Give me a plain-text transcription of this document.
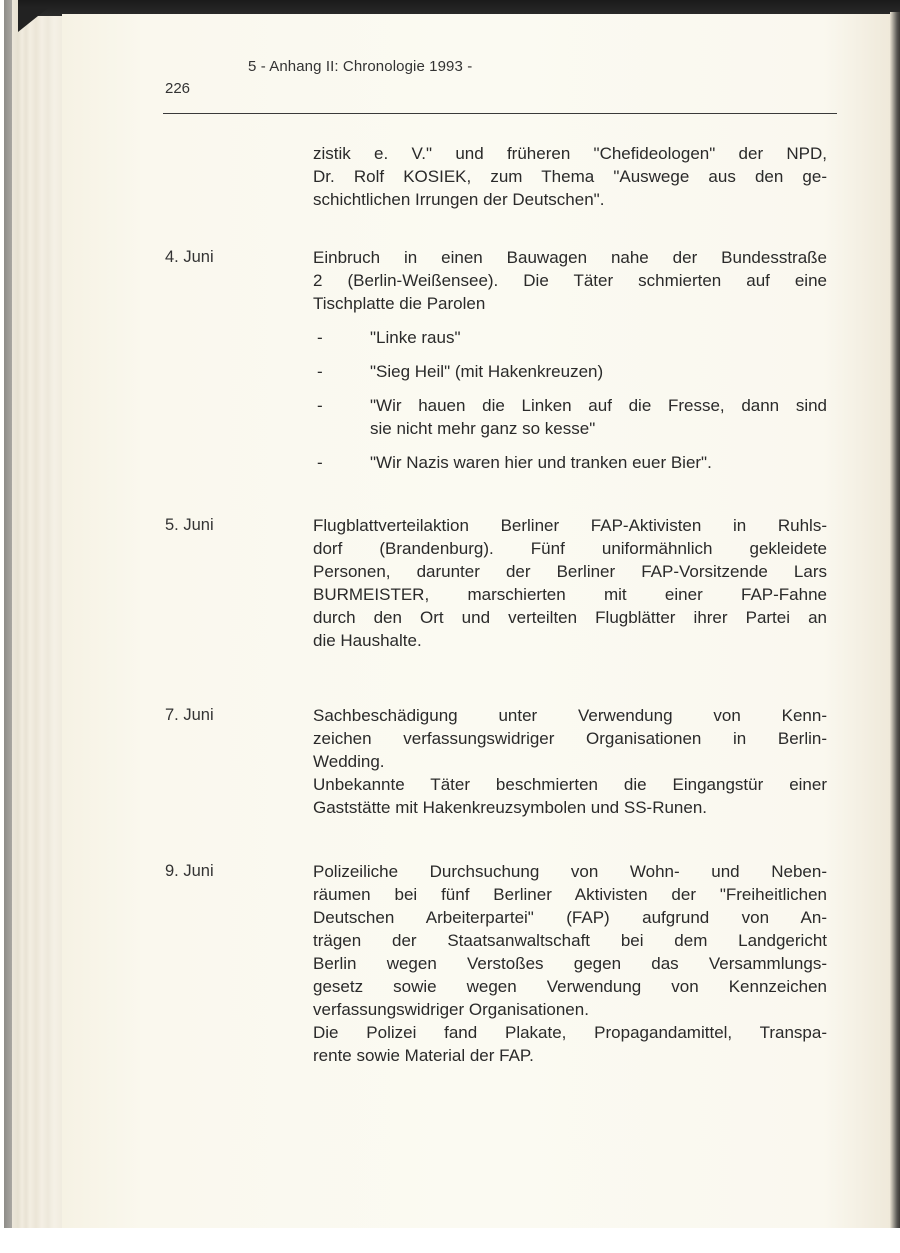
5 - Anhang II: Chronologie 1993 -
226
zistik e. V." und früheren "Chefideologen" der NPD,
Dr. Rolf KOSIEK, zum Thema "Auswege aus den ge-
schichtlichen Irrungen der Deutschen".
4. Juni	Einbruch in einen Bauwagen nahe der Bundesstraße
2 (Berlin-Weißensee). Die Täter schmierten auf eine
Tischplatte die Parolen
-	"Linke raus"
-	"Sieg Heil" (mit Hakenkreuzen)
-	"Wir hauen die Linken auf die Fresse, dann sind
sie nicht mehr ganz so kesse"
-	"Wir Nazis waren hier und tranken euer Bier".
5. Juni	Flugblattverteilaktion Berliner FAP-Aktivisten in Ruhls-
dorf (Brandenburg). Fünf uniformähnlich gekleidete
Personen, darunter der Berliner FAP-Vorsitzende Lars
BURMEISTER, marschierten mit einer FAP-Fahne
durch den Ort und verteilten Flugblätter ihrer Partei an
die Haushalte.
7. Juni	Sachbeschädigung unter Verwendung von Kenn-
zeichen verfassungswidriger Organisationen in Berlin-
Wedding.
Unbekannte Täter beschmierten die Eingangstür einer
Gaststätte mit Hakenkreuzsymbolen und SS-Runen.
9. Juni	Polizeiliche Durchsuchung von Wohn- und Neben-
räumen bei fünf Berliner Aktivisten der "Freiheitlichen
Deutschen Arbeiterpartei" (FAP) aufgrund von An-
trägen der Staatsanwaltschaft bei dem Landgericht
Berlin wegen Verstoßes gegen das Versammlungs-
gesetz sowie wegen Verwendung von Kennzeichen
verfassungswidriger Organisationen.
Die Polizei fand Plakate, Propagandamittel, Transpa-
rente sowie Material der FAP.
